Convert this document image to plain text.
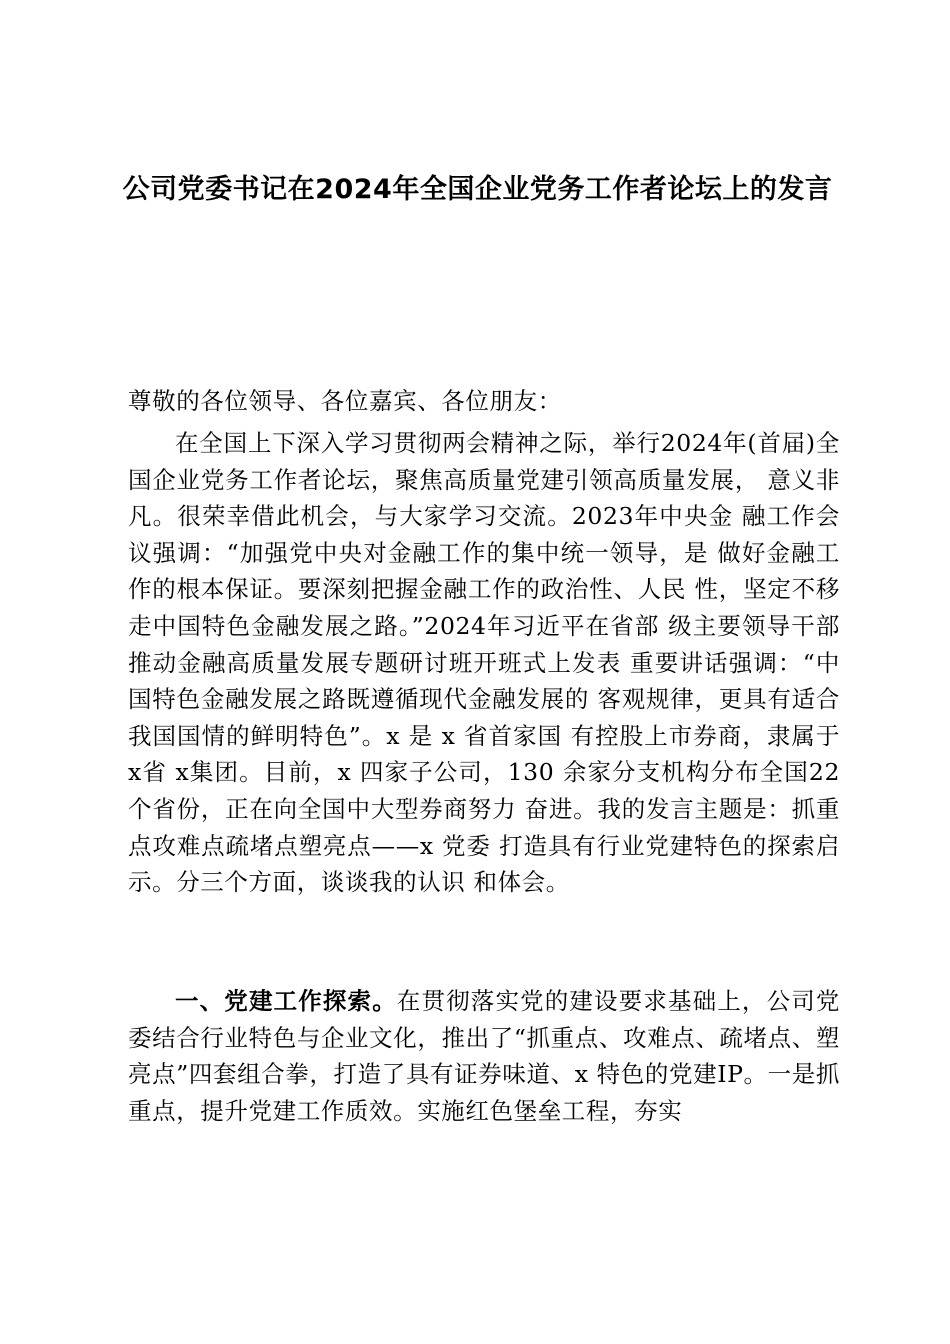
公司党委书记在2024年全国企业党务工作者论坛上的发言
尊敬的各位领导、各位嘉宾、各位朋友：
在全国上下深入学习贯彻两会精神之际，举行2024年(首届)全国企业党务工作者论坛，聚焦高质量党建引领高质量发展， 意义非凡。很荣幸借此机会，与大家学习交流。2023年中央金 融工作会议强调：“加强党中央对金融工作的集中统一领导，是 做好金融工作的根本保证。要深刻把握金融工作的政治性、人民 性，坚定不移走中国特色金融发展之路。”2024年习近平在省部 级主要领导干部推动金融高质量发展专题研讨班开班式上发表 重要讲话强调：“中国特色金融发展之路既遵循现代金融发展的 客观规律，更具有适合我国国情的鲜明特色”。x 是 x 省首家国 有控股上市券商，隶属于x省 x集团。目前，x 四家子公司，130 余家分支机构分布全国22个省份，正在向全国中大型券商努力 奋进。我的发言主题是：抓重点攻难点疏堵点塑亮点——x 党委 打造具有行业党建特色的探索启示。分三个方面，谈谈我的认识 和体会。
一、党建工作探索。在贯彻落实党的建设要求基础上，公司党委结合行业特色与企业文化，推出了“抓重点、攻难点、疏堵点、塑亮点”四套组合拳，打造了具有证券味道、x 特色的党建IP。一是抓重点，提升党建工作质效。实施红色堡垒工程，夯实
